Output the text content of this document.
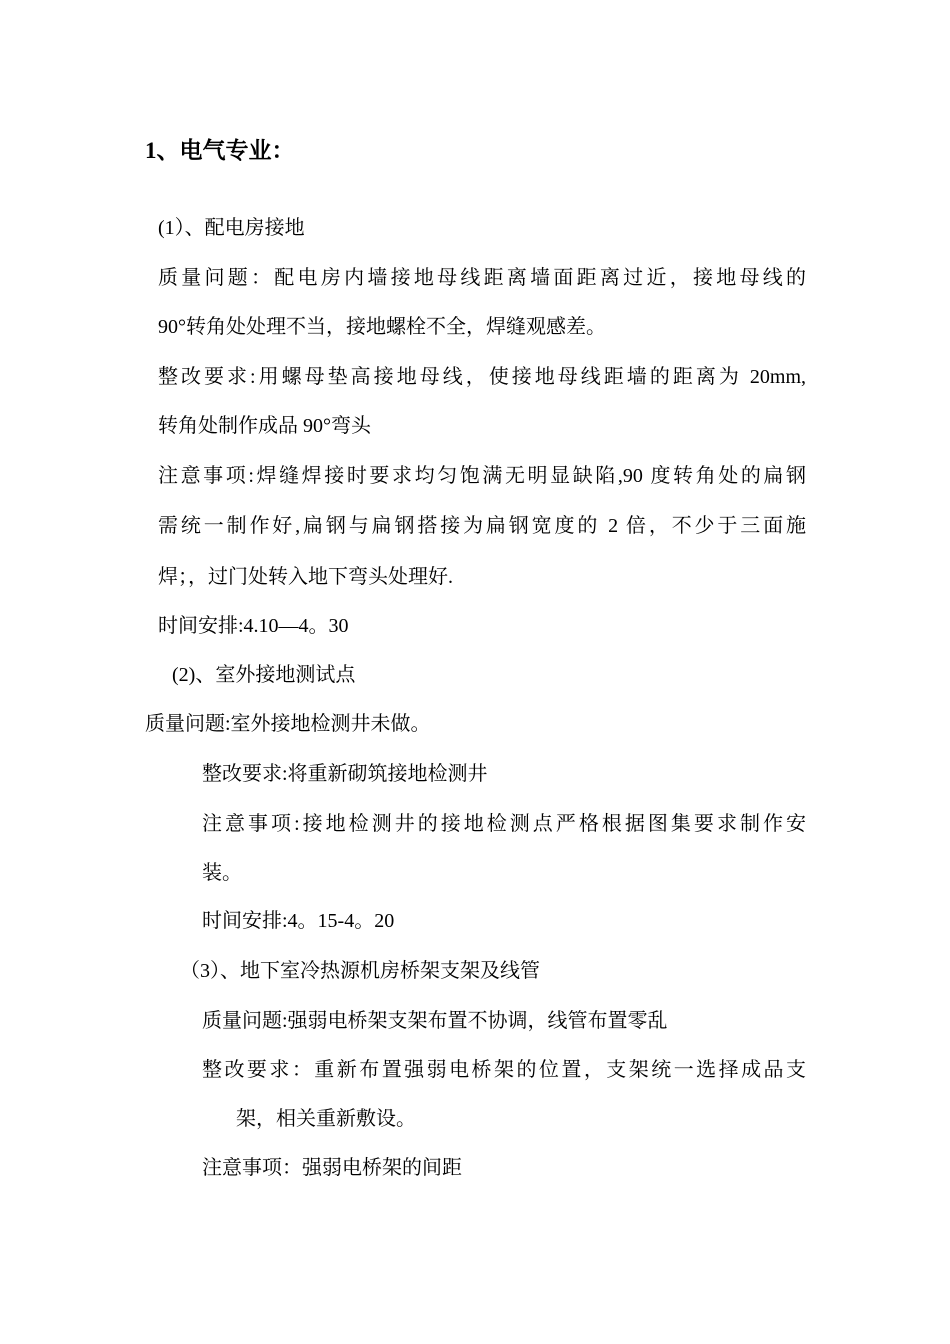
1、电气专业：
(1）、配电房接地
质量问题：配电房内墙接地母线距离墙面距离过近，接地母线的
90°转角处处理不当，接地螺栓不全，焊缝观感差。
整改要求:用螺母垫高接地母线，使接地母线距墙的距离为 20mm,
转角处制作成品 90°弯头
注意事项:焊缝焊接时要求均匀饱满无明显缺陷,90 度转角处的扁钢
需统一制作好,扁钢与扁钢搭接为扁钢宽度的 2 倍，不少于三面施
焊；，过门处转入地下弯头处理好.
时间安排:4.10—4。30
(2)、室外接地测试点
质量问题:室外接地检测井未做。
整改要求:将重新砌筑接地检测井
注意事项:接地检测井的接地检测点严格根据图集要求制作安
装。
时间安排:4。15-4。20
（3）、地下室冷热源机房桥架支架及线管
质量问题:强弱电桥架支架布置不协调，线管布置零乱
整改要求：重新布置强弱电桥架的位置，支架统一选择成品支
架，相关重新敷设。
注意事项：强弱电桥架的间距
